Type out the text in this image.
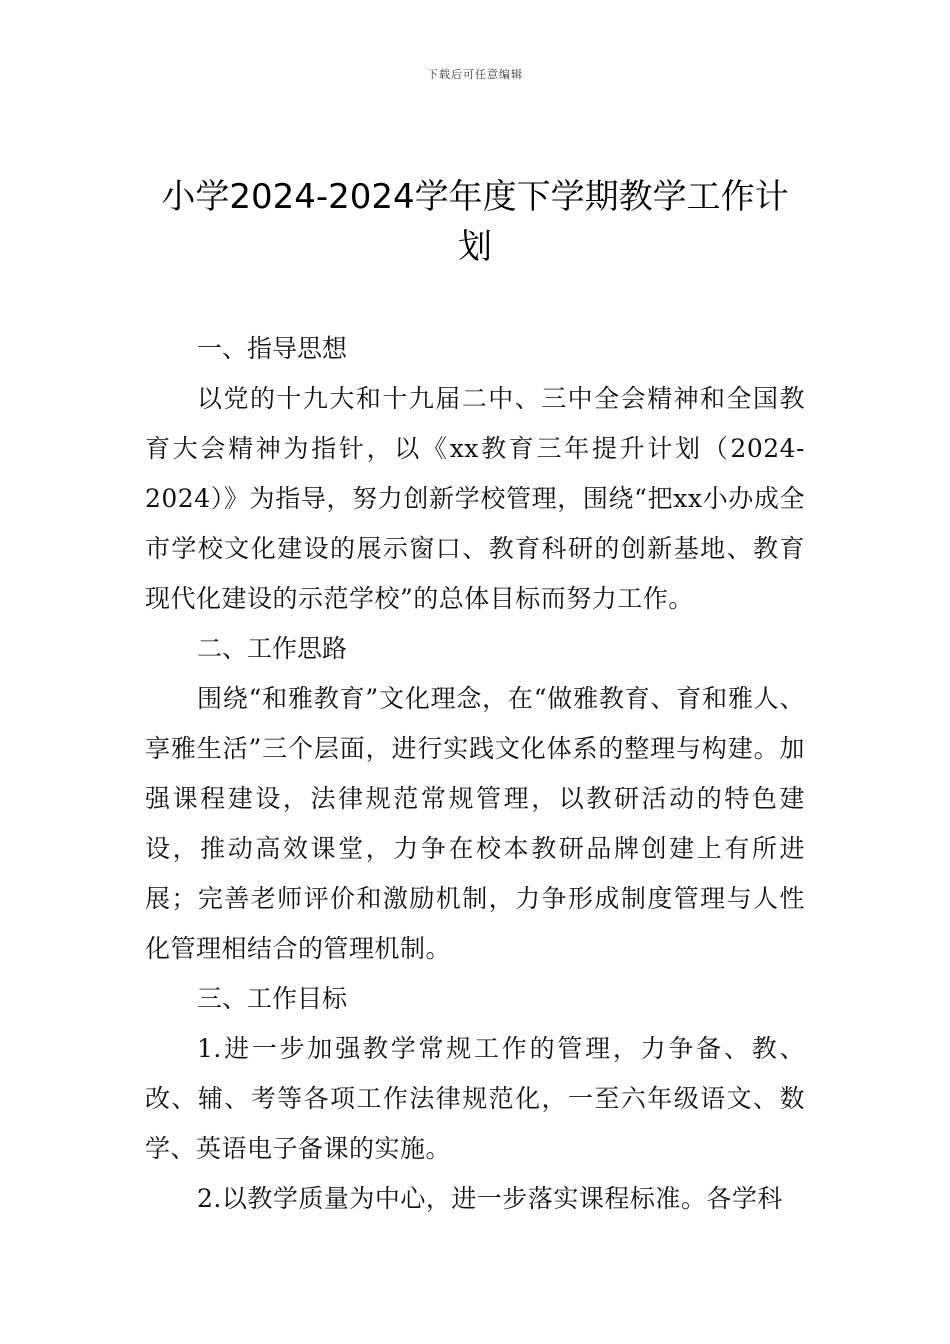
下载后可任意编辑
小学2024-2024学年度下学期教学工作计划

一、指导思想

以党的十九大和十九届二中、三中全会精神和全国教育大会精神为指针，以《xx教育三年提升计划（2024-2024）》为指导，努力创新学校管理，围绕“把xx小办成全市学校文化建设的展示窗口、教育科研的创新基地、教育现代化建设的示范学校”的总体目标而努力工作。

二、工作思路

围绕“和雅教育”文化理念，在“做雅教育、育和雅人、享雅生活”三个层面，进行实践文化体系的整理与构建。加强课程建设，法律规范常规管理，以教研活动的特色建设，推动高效课堂，力争在校本教研品牌创建上有所进展；完善老师评价和激励机制，力争形成制度管理与人性化管理相结合的管理机制。

三、工作目标

1.进一步加强教学常规工作的管理，力争备、教、改、辅、考等各项工作法律规范化，一至六年级语文、数学、英语电子备课的实施。

2.以教学质量为中心，进一步落实课程标准。各学科
